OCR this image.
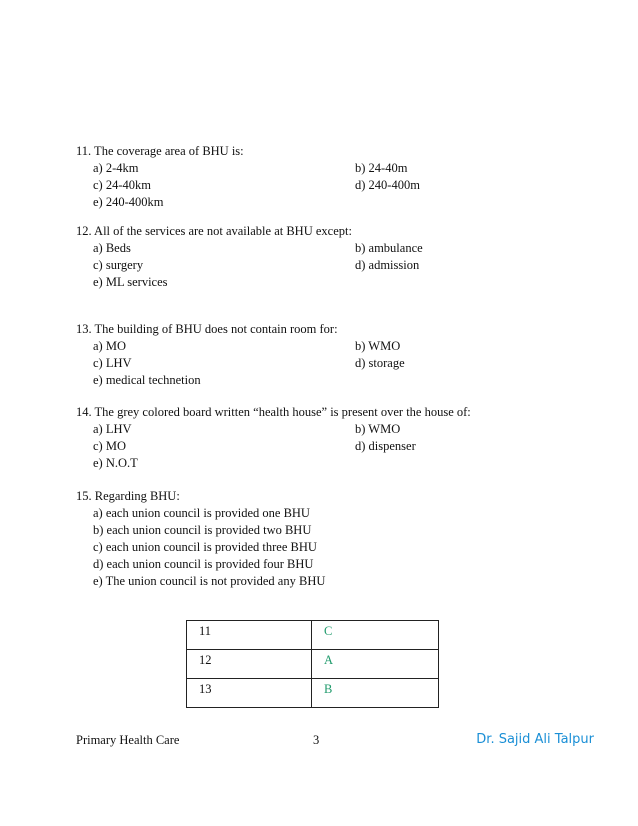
11. The coverage area of BHU is:
a) 2-4km	b) 24-40m
c) 24-40km	d) 240-400m
e) 240-400km
12. All of the services are not available at BHU except:
a) Beds	b) ambulance
c) surgery	d) admission
e) ML services
13. The building of BHU does not contain room for:
a) MO	b) WMO
c) LHV	d) storage
e) medical technetion
14. The grey colored board written “health house” is present over the house of:
a) LHV	b) WMO
c) MO	d) dispenser
e) N.O.T
15. Regarding BHU:
a) each union council is provided one BHU
b) each union council is provided two BHU
c) each union council is provided three BHU
d) each union council is provided four BHU
e) The union council is not provided any BHU
11	C
12	A
13	B
Primary Health Care	3	Dr. Sajid Ali Talpur
